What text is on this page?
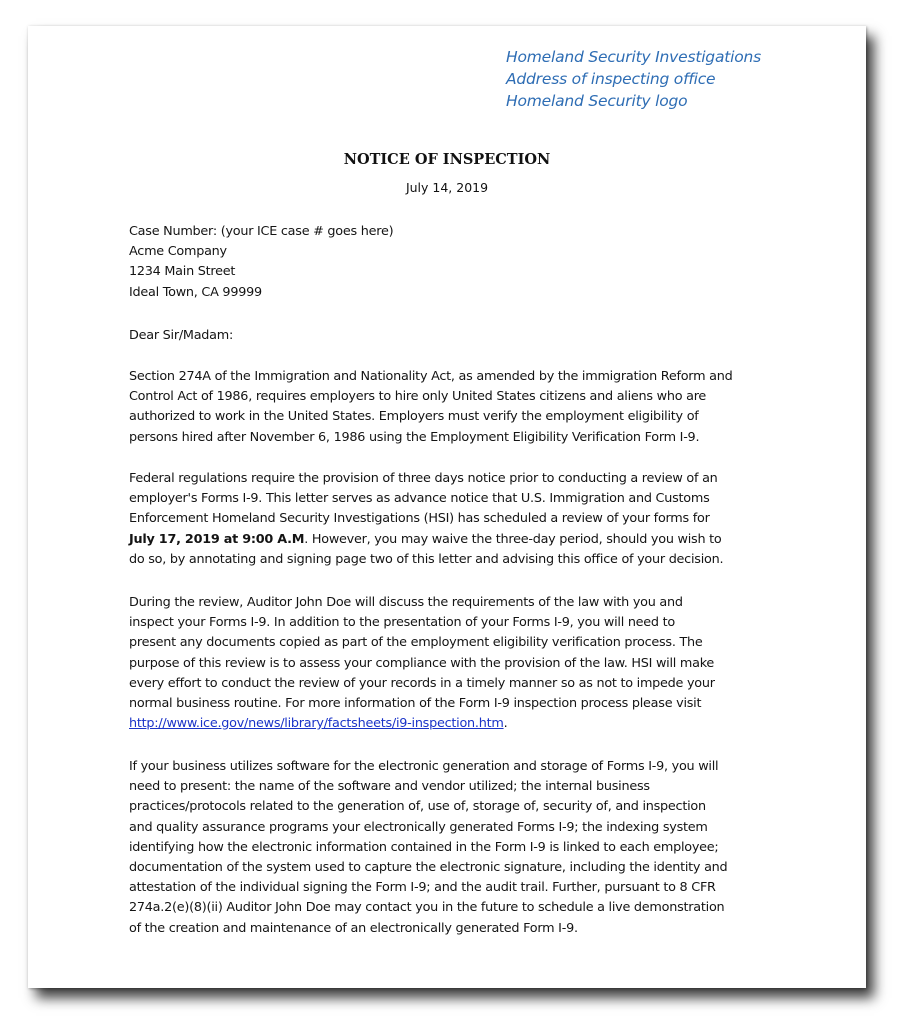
Homeland Security Investigations
Address of inspecting office
Homeland Security logo
NOTICE OF INSPECTION
July 14, 2019
Case Number: (your ICE case # goes here)
Acme Company
1234 Main Street
Ideal Town, CA 99999
Dear Sir/Madam:
Section 274A of the Immigration and Nationality Act, as amended by the immigration Reform and
Control Act of 1986, requires employers to hire only United States citizens and aliens who are
authorized to work in the United States. Employers must verify the employment eligibility of
persons hired after November 6, 1986 using the Employment Eligibility Verification Form I-9.
Federal regulations require the provision of three days notice prior to conducting a review of an
employer's Forms I-9. This letter serves as advance notice that U.S. Immigration and Customs
Enforcement Homeland Security Investigations (HSI) has scheduled a review of your forms for
July 17, 2019 at 9:00 A.M. However, you may waive the three-day period, should you wish to
do so, by annotating and signing page two of this letter and advising this office of your decision.
During the review, Auditor John Doe will discuss the requirements of the law with you and
inspect your Forms I-9. In addition to the presentation of your Forms I-9, you will need to
present any documents copied as part of the employment eligibility verification process. The
purpose of this review is to assess your compliance with the provision of the law. HSI will make
every effort to conduct the review of your records in a timely manner so as not to impede your
normal business routine. For more information of the Form I-9 inspection process please visit
http://www.ice.gov/news/library/factsheets/i9-inspection.htm.
If your business utilizes software for the electronic generation and storage of Forms I-9, you will
need to present: the name of the software and vendor utilized; the internal business
practices/protocols related to the generation of, use of, storage of, security of, and inspection
and quality assurance programs your electronically generated Forms I-9; the indexing system
identifying how the electronic information contained in the Form I-9 is linked to each employee;
documentation of the system used to capture the electronic signature, including the identity and
attestation of the individual signing the Form I-9; and the audit trail. Further, pursuant to 8 CFR
274a.2(e)(8)(ii) Auditor John Doe may contact you in the future to schedule a live demonstration
of the creation and maintenance of an electronically generated Form I-9.
